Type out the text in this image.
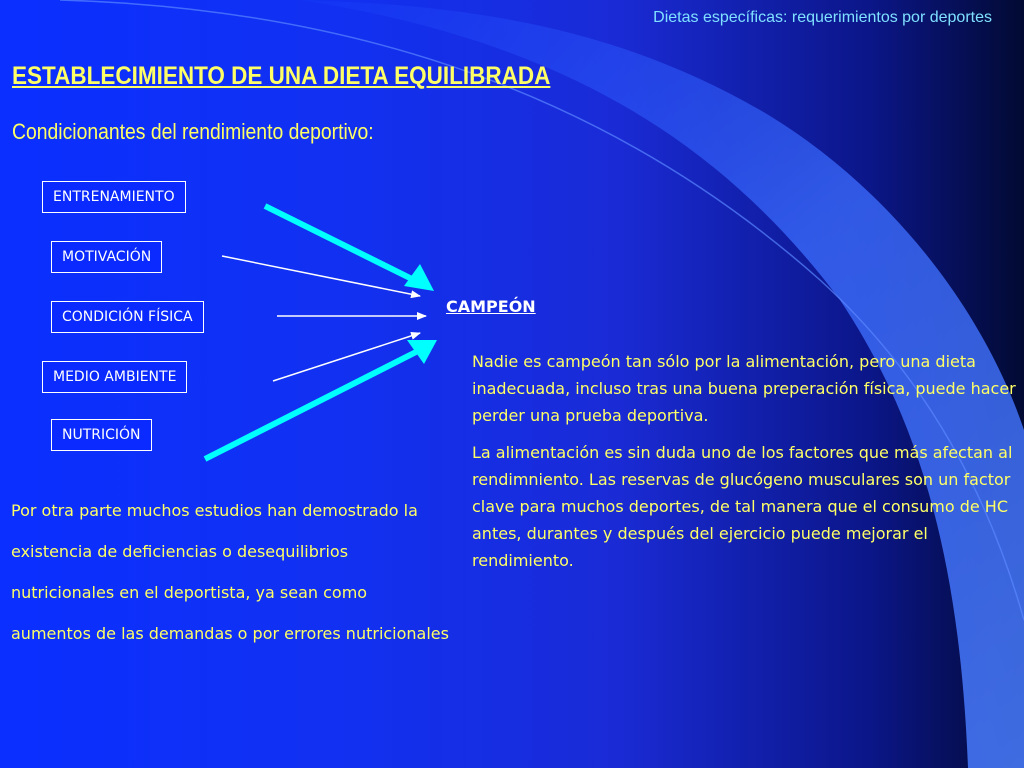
Dietas específicas: requerimientos por deportes
ESTABLECIMIENTO DE UNA DIETA EQUILIBRADA
Condicionantes del rendimiento deportivo:
ENTRENAMIENTO
MOTIVACIÓN
CONDICIÓN FÍSICA
MEDIO AMBIENTE
NUTRICIÓN
CAMPEÓN

Nadie es campeón tan sólo por la alimentación, pero una dieta inadecuada, incluso tras una buena preperación física, puede hacer perder una prueba deportiva.

La alimentación es sin duda uno de los factores que más afectan al rendimniento. Las reservas de glucógeno musculares son un factor clave para muchos deportes, de tal manera que el consumo de HC antes, durantes y después del ejercicio puede mejorar el rendimiento.

Por otra parte muchos estudios han demostrado la existencia de deficiencias o desequilibrios nutricionales en el deportista, ya sean como aumentos de las demandas o por errores nutricionales
